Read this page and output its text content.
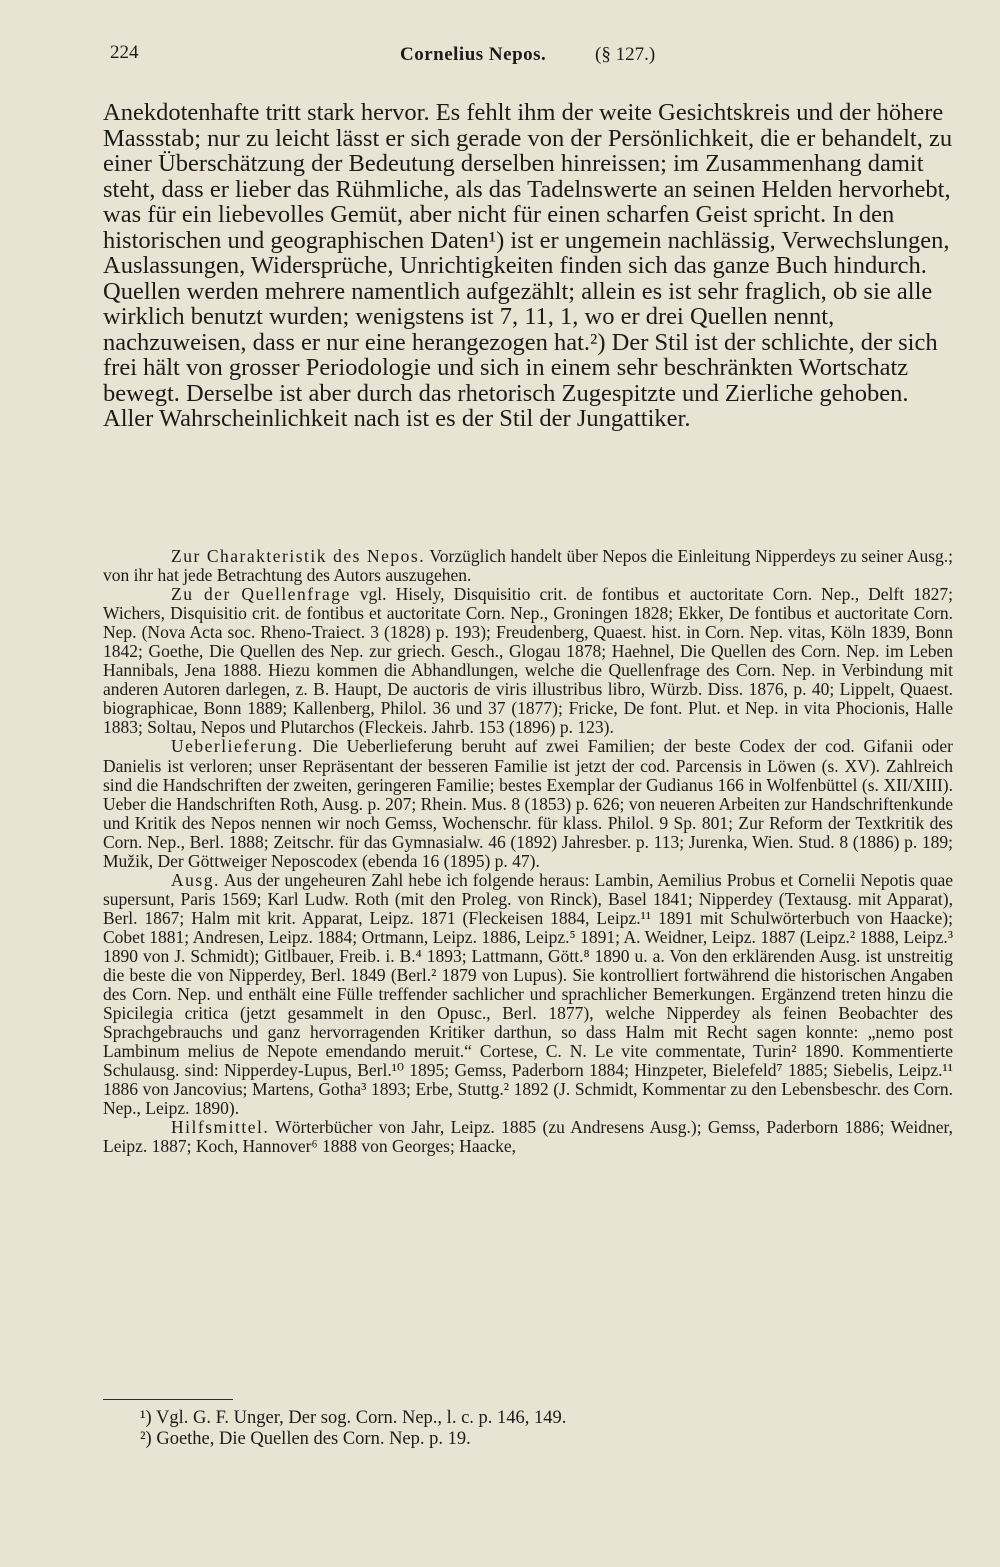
224	Cornelius Nepos.	(§ 127.)

Anekdotenhafte tritt stark hervor. Es fehlt ihm der weite Gesichtskreis und der höhere Massstab; nur zu leicht lässt er sich gerade von der Persönlichkeit, die er behandelt, zu einer Überschätzung der Bedeutung derselben hinreissen; im Zusammenhang damit steht, dass er lieber das Rühmliche, als das Tadelnswerte an seinen Helden hervorhebt, was für ein liebevolles Gemüt, aber nicht für einen scharfen Geist spricht. In den historischen und geographischen Daten¹) ist er ungemein nachlässig, Verwechslungen, Auslassungen, Widersprüche, Unrichtigkeiten finden sich das ganze Buch hindurch. Quellen werden mehrere namentlich aufgezählt; allein es ist sehr fraglich, ob sie alle wirklich benutzt wurden; wenigstens ist 7, 11, 1, wo er drei Quellen nennt, nachzuweisen, dass er nur eine herangezogen hat.²) Der Stil ist der schlichte, der sich frei hält von grosser Periodologie und sich in einem sehr beschränkten Wortschatz bewegt. Derselbe ist aber durch das rhetorisch Zugespitzte und Zierliche gehoben. Aller Wahrscheinlichkeit nach ist es der Stil der Jungattiker.

Zur Charakteristik des Nepos. Vorzüglich handelt über Nepos die Einleitung Nipperdeys zu seiner Ausg.; von ihr hat jede Betrachtung des Autors auszugehen.

Zu der Quellenfrage vgl. Hisely, Disquisitio crit. de fontibus et auctoritate Corn. Nep., Delft 1827; Wichers, Disquisitio crit. de fontibus et auctoritate Corn. Nep., Groningen 1828; Ekker, De fontibus et auctoritate Corn. Nep. (Nova Acta soc. Rheno-Traiect. 3 (1828) p. 193); Freudenberg, Quaest. hist. in Corn. Nep. vitas, Köln 1839, Bonn 1842; Goethe, Die Quellen des Nep. zur griech. Gesch., Glogau 1878; Haehnel, Die Quellen des Corn. Nep. im Leben Hannibals, Jena 1888. Hiezu kommen die Abhandlungen, welche die Quellenfrage des Corn. Nep. in Verbindung mit anderen Autoren darlegen, z. B. Haupt, De auctoris de viris illustribus libro, Würzb. Diss. 1876, p. 40; Lippelt, Quaest. biographicae, Bonn 1889; Kallenberg, Philol. 36 und 37 (1877); Fricke, De font. Plut. et Nep. in vita Phocionis, Halle 1883; Soltau, Nepos und Plutarchos (Fleckeis. Jahrb. 153 (1896) p. 123).

Ueberlieferung. Die Ueberlieferung beruht auf zwei Familien; der beste Codex der cod. Gifanii oder Danielis ist verloren; unser Repräsentant der besseren Familie ist jetzt der cod. Parcensis in Löwen (s. XV). Zahlreich sind die Handschriften der zweiten, geringeren Familie; bestes Exemplar der Gudianus 166 in Wolfenbüttel (s. XII/XIII). Ueber die Handschriften Roth, Ausg. p. 207; Rhein. Mus. 8 (1853) p. 626; von neueren Arbeiten zur Handschriftenkunde und Kritik des Nepos nennen wir noch Gemss, Wochenschr. für klass. Philol. 9 Sp. 801; Zur Reform der Textkritik des Corn. Nep., Berl. 1888; Zeitschr. für das Gymnasialw. 46 (1892) Jahresber. p. 113; Jurenka, Wien. Stud. 8 (1886) p. 189; Mužik, Der Göttweiger Neposcodex (ebenda 16 (1895) p. 47).

Ausg. Aus der ungeheuren Zahl hebe ich folgende heraus: Lambin, Aemilius Probus et Cornelii Nepotis quae supersunt, Paris 1569; Karl Ludw. Roth (mit den Proleg. von Rinck), Basel 1841; Nipperdey (Textausg. mit Apparat), Berl. 1867; Halm mit krit. Apparat, Leipz. 1871 (Fleckeisen 1884, Leipz.¹¹ 1891 mit Schulwörterbuch von Haacke); Cobet 1881; Andresen, Leipz. 1884; Ortmann, Leipz. 1886, Leipz.⁵ 1891; A. Weidner, Leipz. 1887 (Leipz.² 1888, Leipz.³ 1890 von J. Schmidt); Gitlbauer, Freib. i. B.⁴ 1893; Lattmann, Gött.⁸ 1890 u. a. Von den erklärenden Ausg. ist unstreitig die beste die von Nipperdey, Berl. 1849 (Berl.² 1879 von Lupus). Sie kontrolliert fortwährend die historischen Angaben des Corn. Nep. und enthält eine Fülle treffender sachlicher und sprachlicher Bemerkungen. Ergänzend treten hinzu die Spicilegia critica (jetzt gesammelt in den Opusc., Berl. 1877), welche Nipperdey als feinen Beobachter des Sprachgebrauchs und ganz hervorragenden Kritiker darthun, so dass Halm mit Recht sagen konnte: „nemo post Lambinum melius de Nepote emendando meruit.“ Cortese, C. N. Le vite commentate, Turin² 1890. Kommentierte Schulausg. sind: Nipperdey-Lupus, Berl.¹⁰ 1895; Gemss, Paderborn 1884; Hinzpeter, Bielefeld⁷ 1885; Siebelis, Leipz.¹¹ 1886 von Jancovius; Martens, Gotha³ 1893; Erbe, Stuttg.² 1892 (J. Schmidt, Kommentar zu den Lebensbeschr. des Corn. Nep., Leipz. 1890).

Hilfsmittel. Wörterbücher von Jahr, Leipz. 1885 (zu Andresens Ausg.); Gemss, Paderborn 1886; Weidner, Leipz. 1887; Koch, Hannover⁶ 1888 von Georges; Haacke,

¹) Vgl. G. F. Unger, Der sog. Corn. Nep., l. c. p. 146, 149.
²) Goethe, Die Quellen des Corn. Nep. p. 19.
